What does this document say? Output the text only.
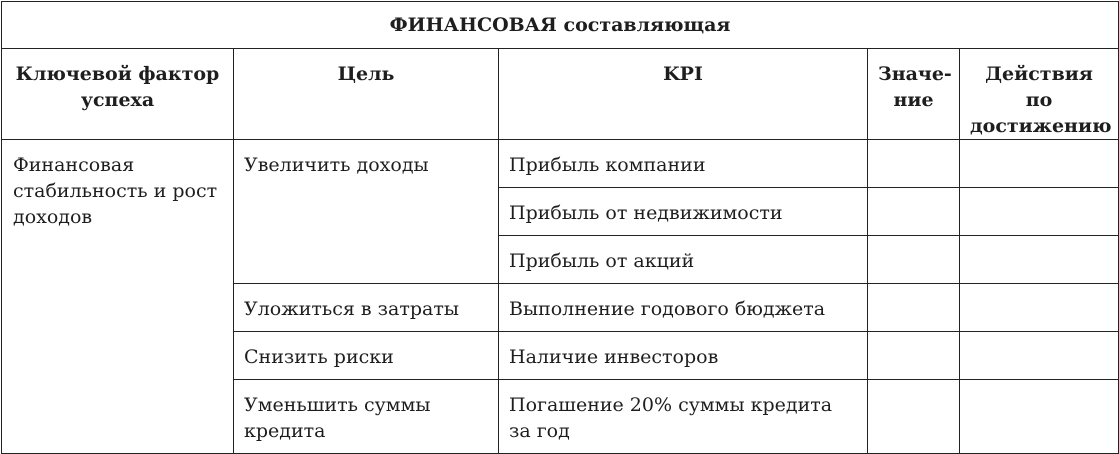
ФИНАНСОВАЯ составляющая				
Ключевой фактор успеха	Цель	KPI	Значе-ние	Действия по достижению
Финансовая стабильность и рост доходов	Увеличить доходы	Прибыль компании		
		Прибыль от недвижимости		
		Прибыль от акций		
	Уложиться в затраты	Выполнение годового бюджета		
	Снизить риски	Наличие инвесторов		
	Уменьшить суммы кредита	Погашение 20% суммы кредита за год		
